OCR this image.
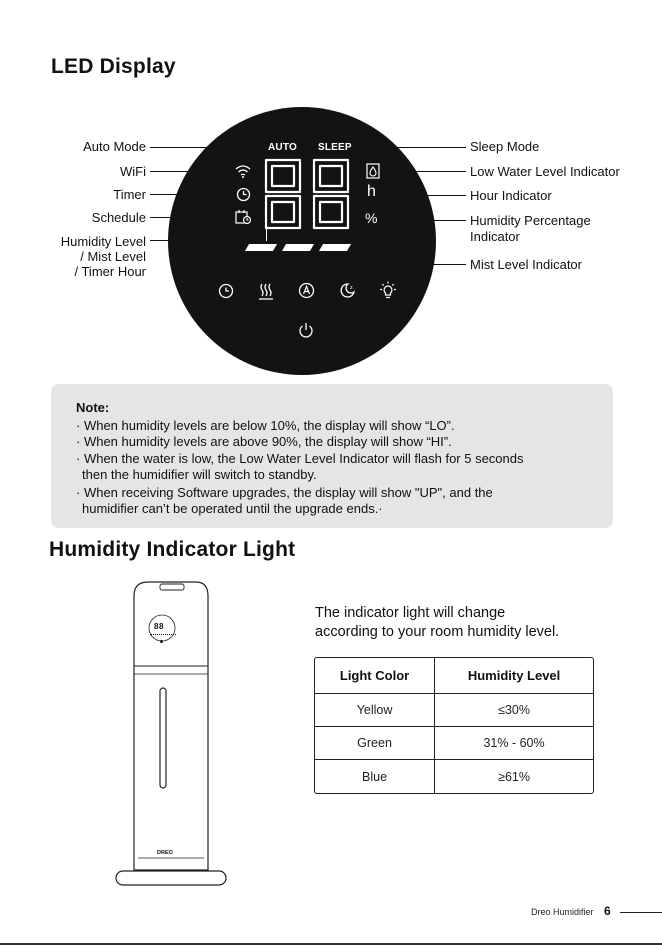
LED Display
Humidity Indicator Light
AUTO SLEEP
h
%
z
Auto Mode
WiFi
Timer
Schedule
Humidity Level
/ Mist Level
/ Timer Hour
Sleep Mode
Low Water Level Indicator
Hour Indicator
Humidity Percentage
Indicator
Mist Level Indicator
Note:
· When humidity levels are below 10%, the display will show “LO”.
· When humidity levels are above 90%, the display will show “HI”.
· When the water is low, the Low Water Level Indicator will flash for 5 seconds
then the humidifier will switch to standby.
· When receiving Software upgrades, the display will show "UP", and the
humidifier can’t be operated until the upgrade ends.·
DREO
88
The indicator light will change
according to your room humidity level.
Light Color	Humidity Level
Yellow	≤30%
Green	31% - 60%
Blue	≥61%
Dreo Humidifier 6
